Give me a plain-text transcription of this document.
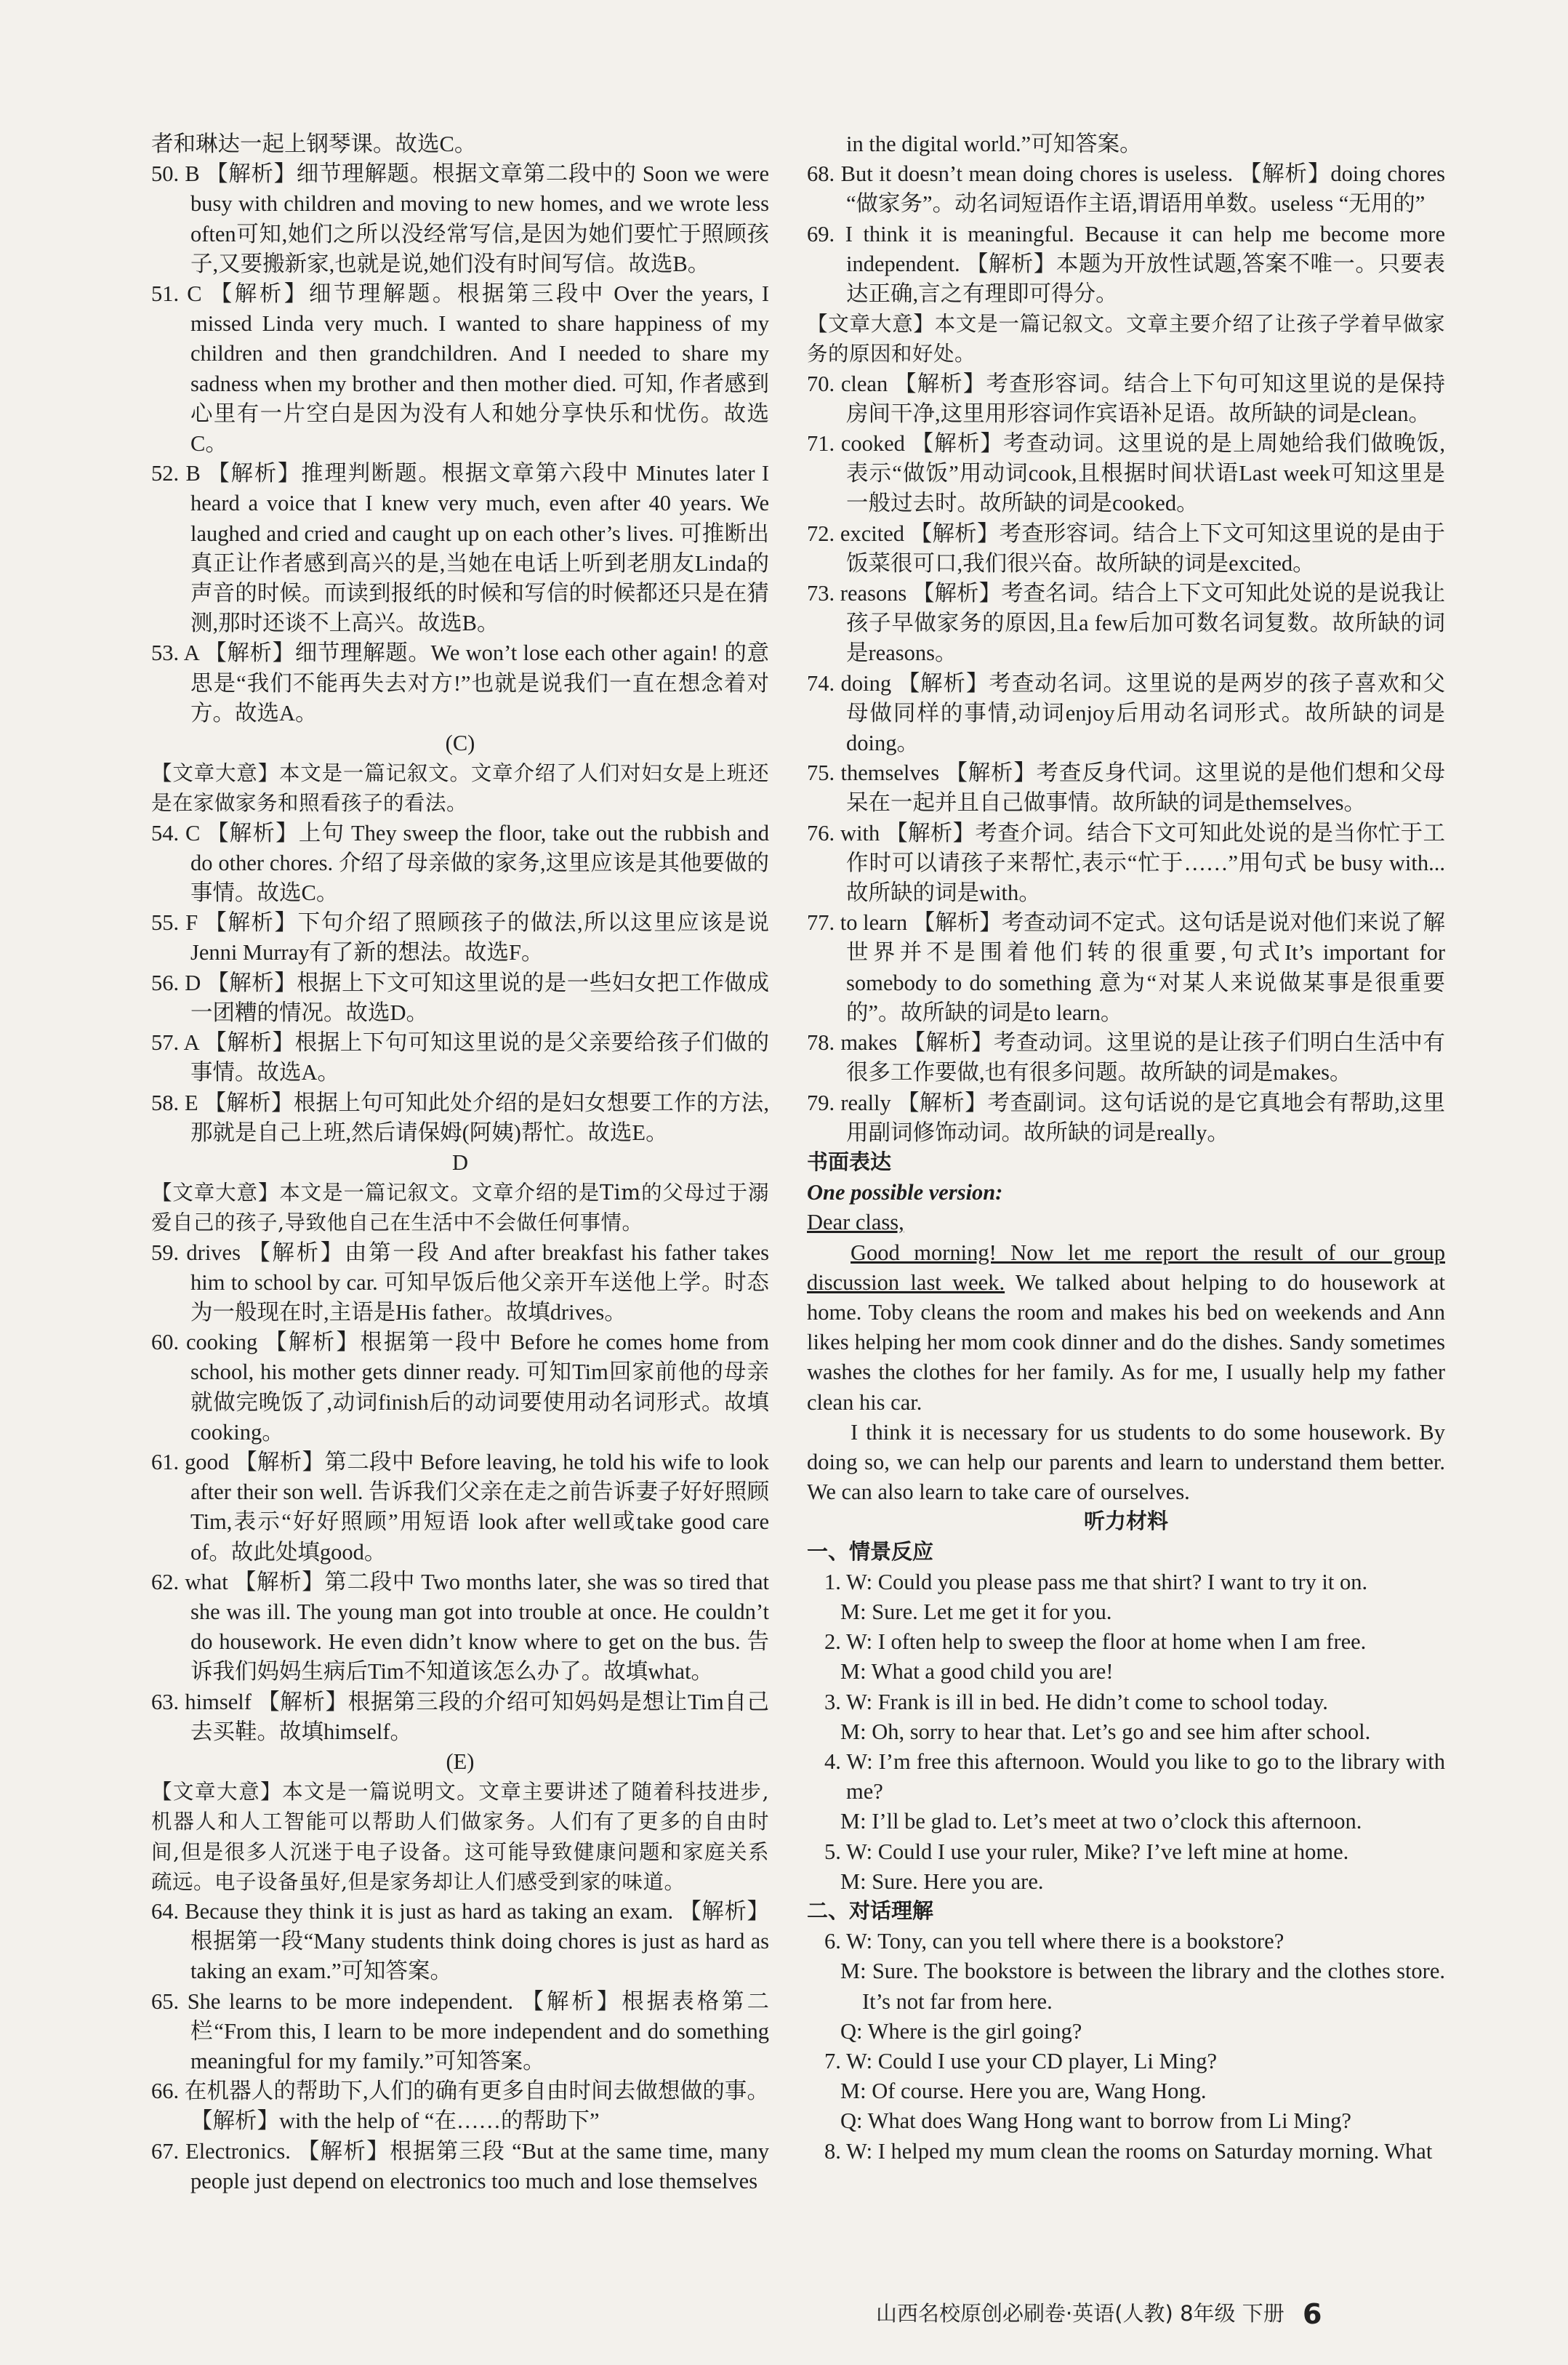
者和琳达一起上钢琴课。故选C。

50. B 【解析】细节理解题。根据文章第二段中的 Soon we were busy with children and moving to new homes, and we wrote less often可知,她们之所以没经常写信,是因为她们要忙于照顾孩子,又要搬新家,也就是说,她们没有时间写信。故选B。

51. C 【解析】细节理解题。根据第三段中 Over the years, I missed Linda very much. I wanted to share happiness of my children and then grandchildren. And I needed to share my sadness when my brother and then mother died. 可知, 作者感到心里有一片空白是因为没有人和她分享快乐和忧伤。故选C。

52. B 【解析】推理判断题。根据文章第六段中 Minutes later I heard a voice that I knew very much, even after 40 years. We laughed and cried and caught up on each other’s lives. 可推断出真正让作者感到高兴的是,当她在电话上听到老朋友Linda的声音的时候。而读到报纸的时候和写信的时候都还只是在猜测,那时还谈不上高兴。故选B。

53. A 【解析】细节理解题。We won’t lose each other again! 的意思是“我们不能再失去对方!”也就是说我们一直在想念着对方。故选A。

(C)

【文章大意】本文是一篇记叙文。文章介绍了人们对妇女是上班还是在家做家务和照看孩子的看法。

54. C 【解析】上句 They sweep the floor, take out the rubbish and do other chores. 介绍了母亲做的家务,这里应该是其他要做的事情。故选C。

55. F 【解析】下句介绍了照顾孩子的做法,所以这里应该是说 Jenni Murray有了新的想法。故选F。

56. D 【解析】根据上下文可知这里说的是一些妇女把工作做成一团糟的情况。故选D。

57. A 【解析】根据上下句可知这里说的是父亲要给孩子们做的事情。故选A。

58. E 【解析】根据上句可知此处介绍的是妇女想要工作的方法,那就是自己上班,然后请保姆(阿姨)帮忙。故选E。

D

【文章大意】本文是一篇记叙文。文章介绍的是Tim的父母过于溺爱自己的孩子,导致他自己在生活中不会做任何事情。

59. drives 【解析】由第一段 And after breakfast his father takes him to school by car. 可知早饭后他父亲开车送他上学。时态为一般现在时,主语是His father。故填drives。

60. cooking 【解析】根据第一段中 Before he comes home from school, his mother gets dinner ready. 可知Tim回家前他的母亲就做完晚饭了,动词finish后的动词要使用动名词形式。故填cooking。

61. good 【解析】第二段中 Before leaving, he told his wife to look after their son well. 告诉我们父亲在走之前告诉妻子好好照顾Tim,表示“好好照顾”用短语 look after well或take good care of。故此处填good。

62. what 【解析】第二段中 Two months later, she was so tired that she was ill. The young man got into trouble at once. He couldn’t do housework. He even didn’t know where to get on the bus. 告诉我们妈妈生病后Tim不知道该怎么办了。故填what。

63. himself 【解析】根据第三段的介绍可知妈妈是想让Tim自己去买鞋。故填himself。

(E)

【文章大意】本文是一篇说明文。文章主要讲述了随着科技进步,机器人和人工智能可以帮助人们做家务。人们有了更多的自由时间,但是很多人沉迷于电子设备。这可能导致健康问题和家庭关系疏远。电子设备虽好,但是家务却让人们感受到家的味道。

64. Because they think it is just as hard as taking an exam. 【解析】根据第一段“Many students think doing chores is just as hard as taking an exam.”可知答案。

65. She learns to be more independent. 【解析】根据表格第二栏“From this, I learn to be more independent and do something meaningful for my family.”可知答案。

66. 在机器人的帮助下,人们的确有更多自由时间去做想做的事。【解析】with the help of “在……的帮助下”

67. Electronics. 【解析】根据第三段 “But at the same time, many people just depend on electronics too much and lose themselves

in the digital world.”可知答案。

68. But it doesn’t mean doing chores is useless. 【解析】doing chores “做家务”。动名词短语作主语,谓语用单数。useless “无用的”

69. I think it is meaningful. Because it can help me become more independent. 【解析】本题为开放性试题,答案不唯一。只要表达正确,言之有理即可得分。

【文章大意】本文是一篇记叙文。文章主要介绍了让孩子学着早做家务的原因和好处。

70. clean 【解析】考查形容词。结合上下句可知这里说的是保持房间干净,这里用形容词作宾语补足语。故所缺的词是clean。

71. cooked 【解析】考查动词。这里说的是上周她给我们做晚饭,表示“做饭”用动词cook,且根据时间状语Last week可知这里是一般过去时。故所缺的词是cooked。

72. excited 【解析】考查形容词。结合上下文可知这里说的是由于饭菜很可口,我们很兴奋。故所缺的词是excited。

73. reasons 【解析】考查名词。结合上下文可知此处说的是说我让孩子早做家务的原因,且a few后加可数名词复数。故所缺的词是reasons。

74. doing 【解析】考查动名词。这里说的是两岁的孩子喜欢和父母做同样的事情,动词enjoy后用动名词形式。故所缺的词是doing。

75. themselves 【解析】考查反身代词。这里说的是他们想和父母呆在一起并且自己做事情。故所缺的词是themselves。

76. with 【解析】考查介词。结合下文可知此处说的是当你忙于工作时可以请孩子来帮忙,表示“忙于……”用句式 be busy with...故所缺的词是with。

77. to learn 【解析】考查动词不定式。这句话是说对他们来说了解世界并不是围着他们转的很重要,句式It’s important for somebody to do something 意为“对某人来说做某事是很重要的”。故所缺的词是to learn。

78. makes 【解析】考查动词。这里说的是让孩子们明白生活中有很多工作要做,也有很多问题。故所缺的词是makes。

79. really 【解析】考查副词。这句话说的是它真地会有帮助,这里用副词修饰动词。故所缺的词是really。

书面表达

One possible version:

Dear class,

Good morning! Now let me report the result of our group discussion last week. We talked about helping to do housework at home. Toby cleans the room and makes his bed on weekends and Ann likes helping her mom cook dinner and do the dishes. Sandy sometimes washes the clothes for her family. As for me, I usually help my father clean his car.

I think it is necessary for us students to do some housework. By doing so, we can help our parents and learn to understand them better. We can also learn to take care of ourselves.

听力材料

一、情景反应

1. W: Could you please pass me that shirt? I want to try it on.

M: Sure. Let me get it for you.

2. W: I often help to sweep the floor at home when I am free.

M: What a good child you are!

3. W: Frank is ill in bed. He didn’t come to school today.

M: Oh, sorry to hear that. Let’s go and see him after school.

4. W: I’m free this afternoon. Would you like to go to the library with me?

M: I’ll be glad to. Let’s meet at two o’clock this afternoon.

5. W: Could I use your ruler, Mike? I’ve left mine at home.

M: Sure. Here you are.

二、对话理解

6. W: Tony, can you tell where there is a bookstore?

M: Sure. The bookstore is between the library and the clothes store. It’s not far from here.

Q: Where is the girl going?

7. W: Could I use your CD player, Li Ming?

M: Of course. Here you are, Wang Hong.

Q: What does Wang Hong want to borrow from Li Ming?

8. W: I helped my mum clean the rooms on Saturday morning. What

山西名校原创必刷卷·英语(人教) 8年级 下册 6
